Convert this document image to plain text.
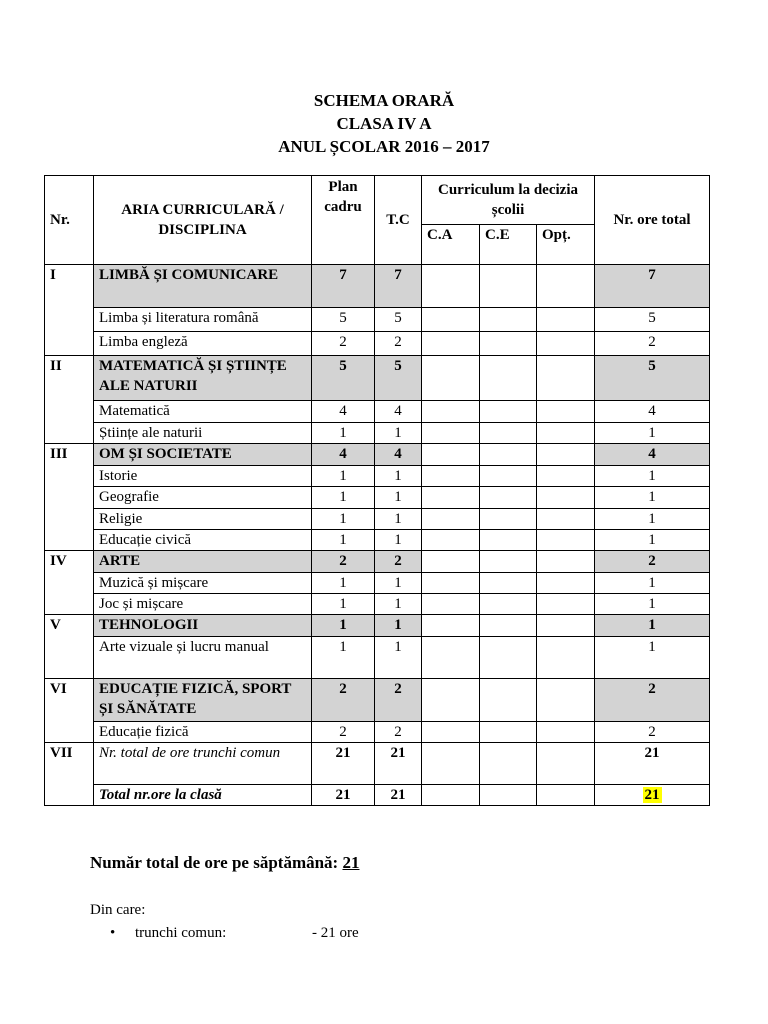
SCHEMA ORARĂ
CLASA IV A
ANUL ȘCOLAR 2016 – 2017
Nr.	ARIA CURRICULARĂ / DISCIPLINA	Plan cadru	T.C	Curriculum la decizia școlii			Nr. ore total
				C.A	C.E	Opț.	
I	LIMBĂ ȘI COMUNICARE	7	7				7
	Limba și literatura română	5	5				5
	Limba engleză	2	2				2
II	MATEMATICĂ ȘI ȘTIINȚE ALE NATURII	5	5				5
	Matematică	4	4				4
	Științe ale naturii	1	1				1
III	OM ȘI SOCIETATE	4	4				4
	Istorie	1	1				1
	Geografie	1	1				1
	Religie	1	1				1
	Educație civică	1	1				1
IV	ARTE	2	2				2
	Muzică și mișcare	1	1				1
	Joc și mișcare	1	1				1
V	TEHNOLOGII	1	1				1
	Arte vizuale și lucru manual	1	1				1
VI	EDUCAȚIE FIZICĂ, SPORT ȘI SĂNĂTATE	2	2				2
	Educație fizică	2	2				2
VII	Nr. total de ore trunchi comun	21	21				21
	Total nr.ore la clasă	21	21				21
Număr total de ore pe săptămână: 21
Din care:
• trunchi comun:	- 21 ore
